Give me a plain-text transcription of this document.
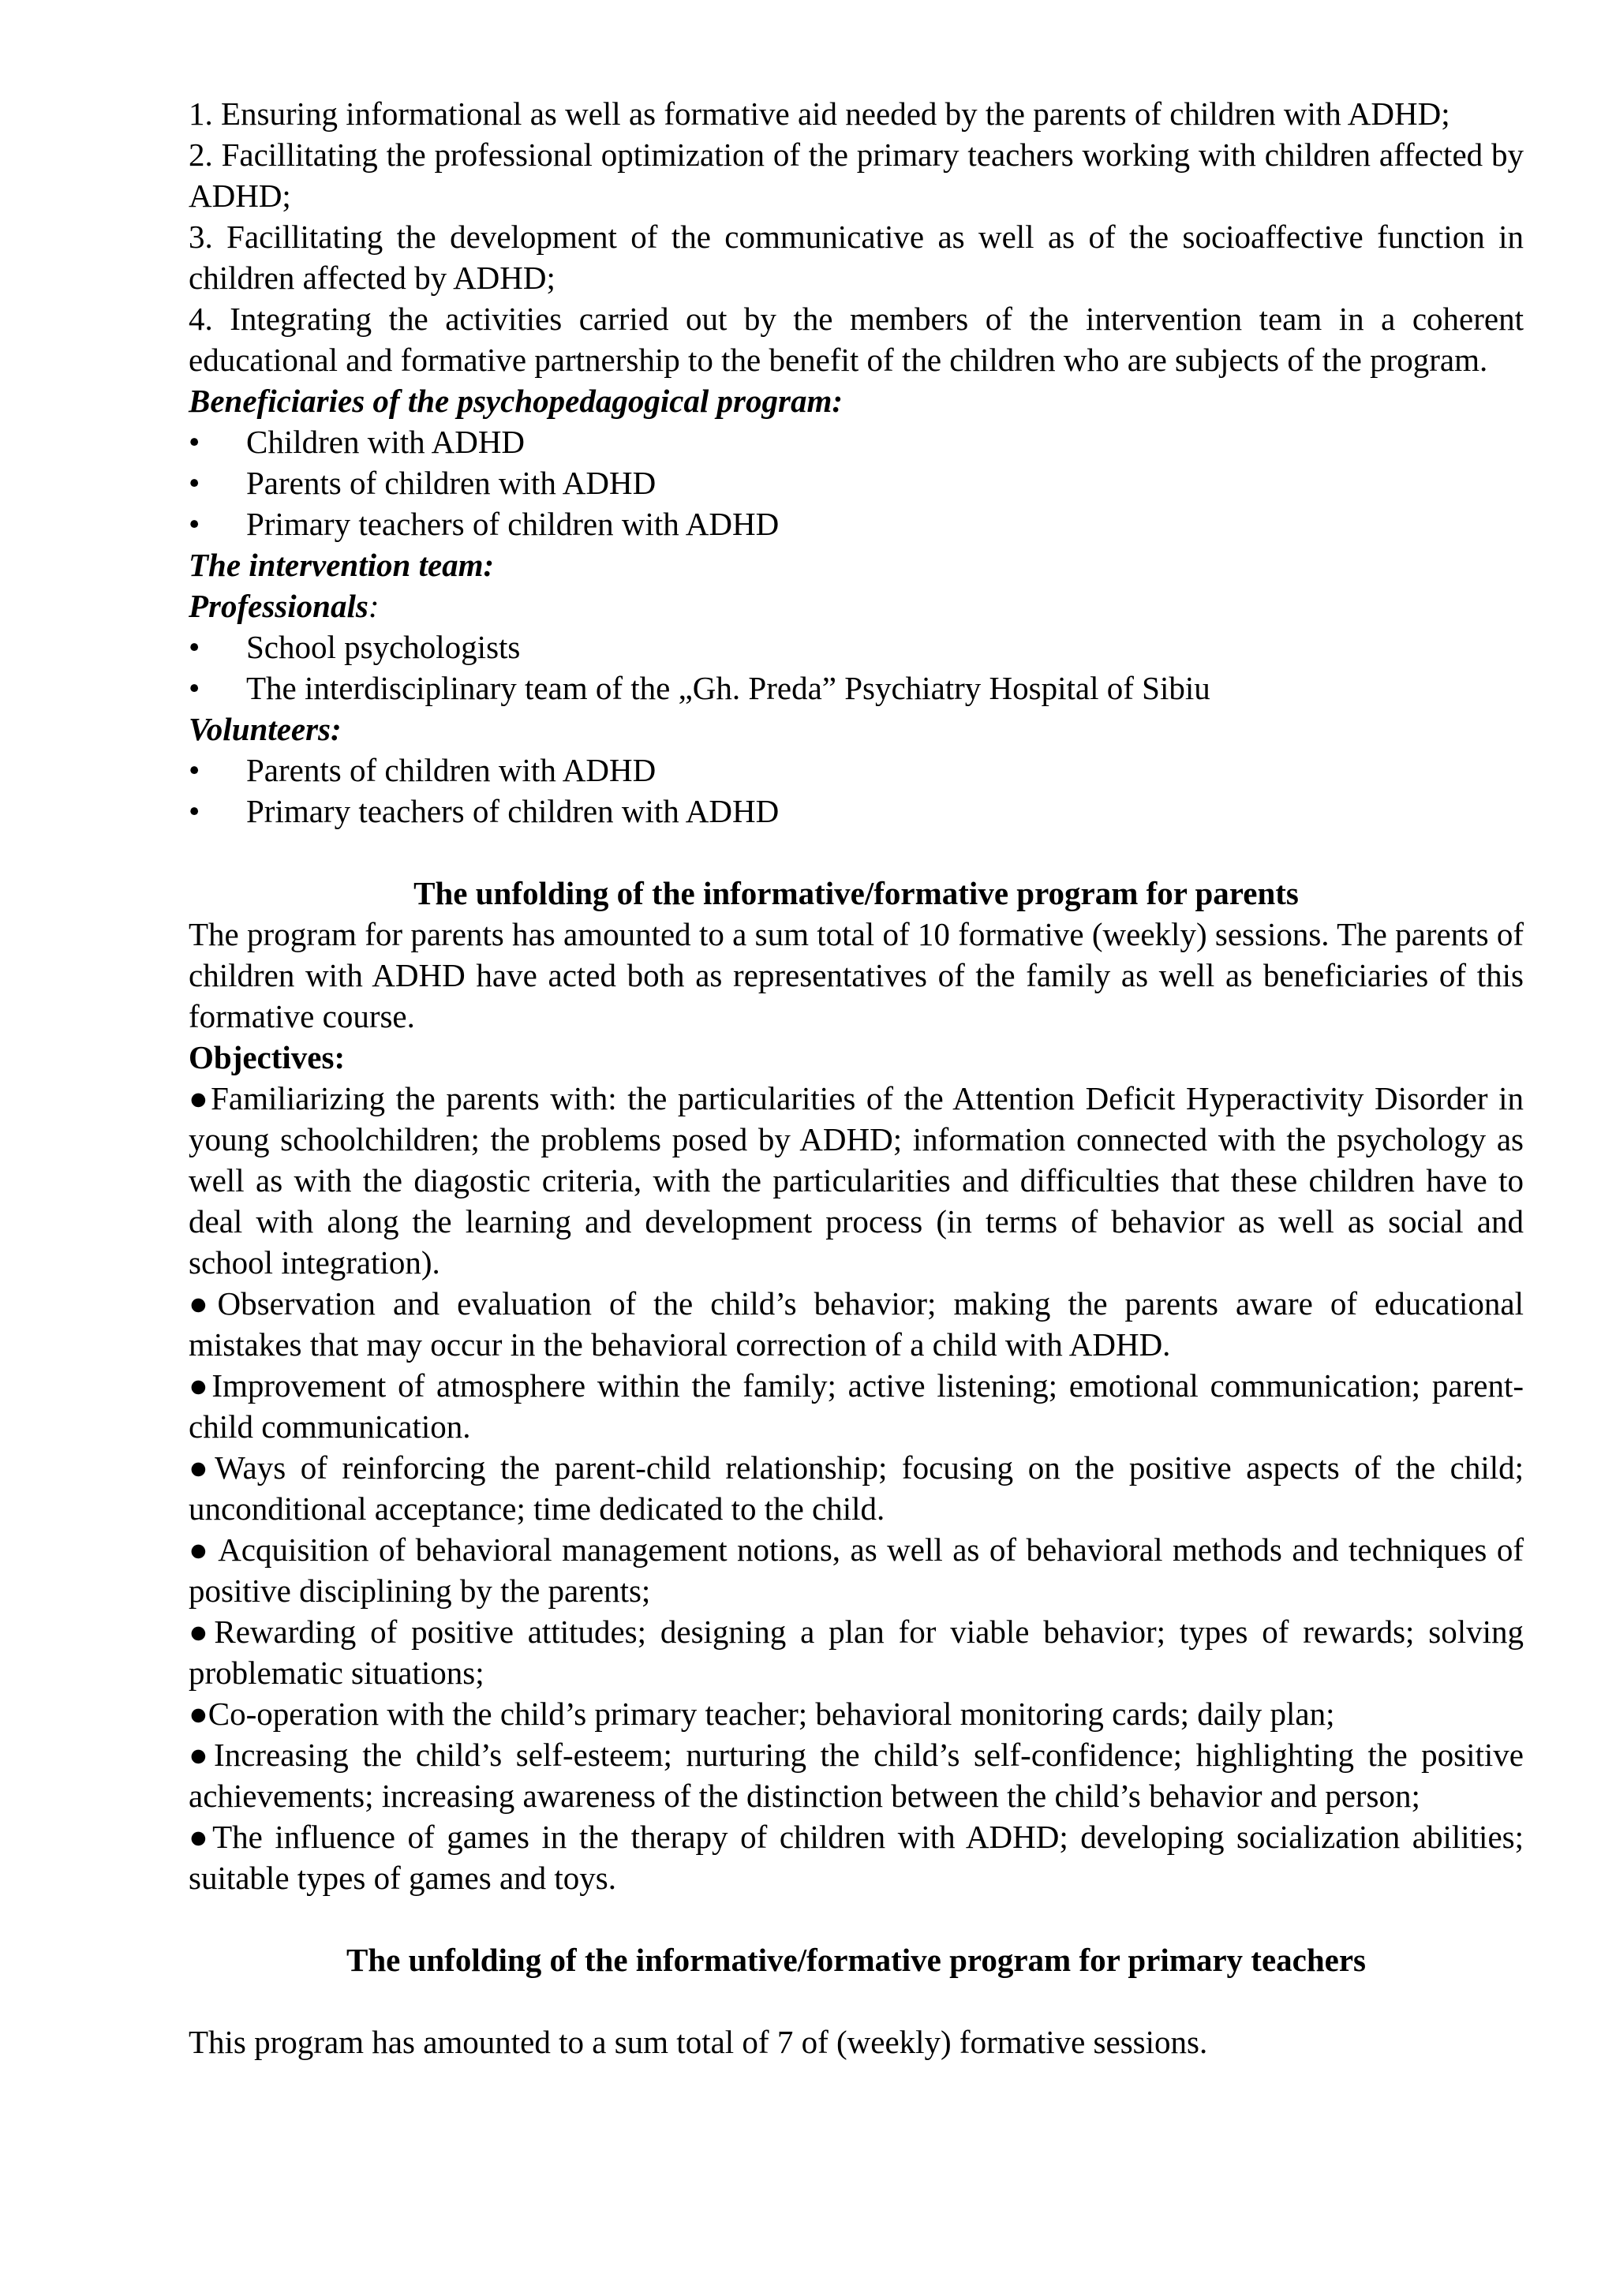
1. Ensuring informational as well as formative aid needed by the parents of children with ADHD;

2. Facillitating the professional optimization of the primary teachers working with children affected by ADHD;

3. Facillitating the development of the communicative as well as of the socioaffective function in children affected by ADHD;

4. Integrating the activities carried out by the members of the intervention team in a coherent educational and formative partnership to the benefit of the children who are subjects of the program.

Beneficiaries of the psychopedagogical program:

•	Children with ADHD
•	Parents of children with ADHD
•	Primary teachers of children with ADHD

The intervention team:

Professionals:

•	School psychologists
•	The interdisciplinary team of the „Gh. Preda” Psychiatry Hospital of Sibiu

Volunteers:

•	Parents of children with ADHD
•	Primary teachers of children with ADHD

The unfolding of the informative/formative program for parents

The program for parents has amounted to a sum total of 10 formative (weekly) sessions. The parents of children with ADHD have acted both as representatives of the family as well as beneficiaries of this formative course.

Objectives:

●Familiarizing the parents with: the particularities of the Attention Deficit Hyperactivity Disorder in young schoolchildren; the problems posed by ADHD; information connected with the psychology as well as with the diagostic criteria, with the particularities and difficulties that these children have to deal with along the learning and development process (in terms of behavior as well as social and school integration).

●Observation and evaluation of the child’s behavior; making the parents aware of educational mistakes that may occur in the behavioral correction of a child with ADHD.

●Improvement of atmosphere within the family; active listening; emotional communication; parent-child communication.

●Ways of reinforcing the parent-child relationship; focusing on the positive aspects of the child; unconditional acceptance; time dedicated to the child.

● Acquisition of behavioral management notions, as well as of behavioral methods and techniques of positive disciplining by the parents;

●Rewarding of positive attitudes; designing a plan for viable behavior; types of rewards; solving problematic situations;

●Co-operation with the child’s primary teacher; behavioral monitoring cards; daily plan;

●Increasing the child’s self-esteem; nurturing the child’s self-confidence; highlighting the positive achievements; increasing awareness of the distinction between the child’s behavior and person;

●The influence of games in the therapy of children with ADHD; developing socialization abilities; suitable types of games and toys.

The unfolding of the informative/formative program for primary teachers

This program has amounted to a sum total of 7 of (weekly) formative sessions.
